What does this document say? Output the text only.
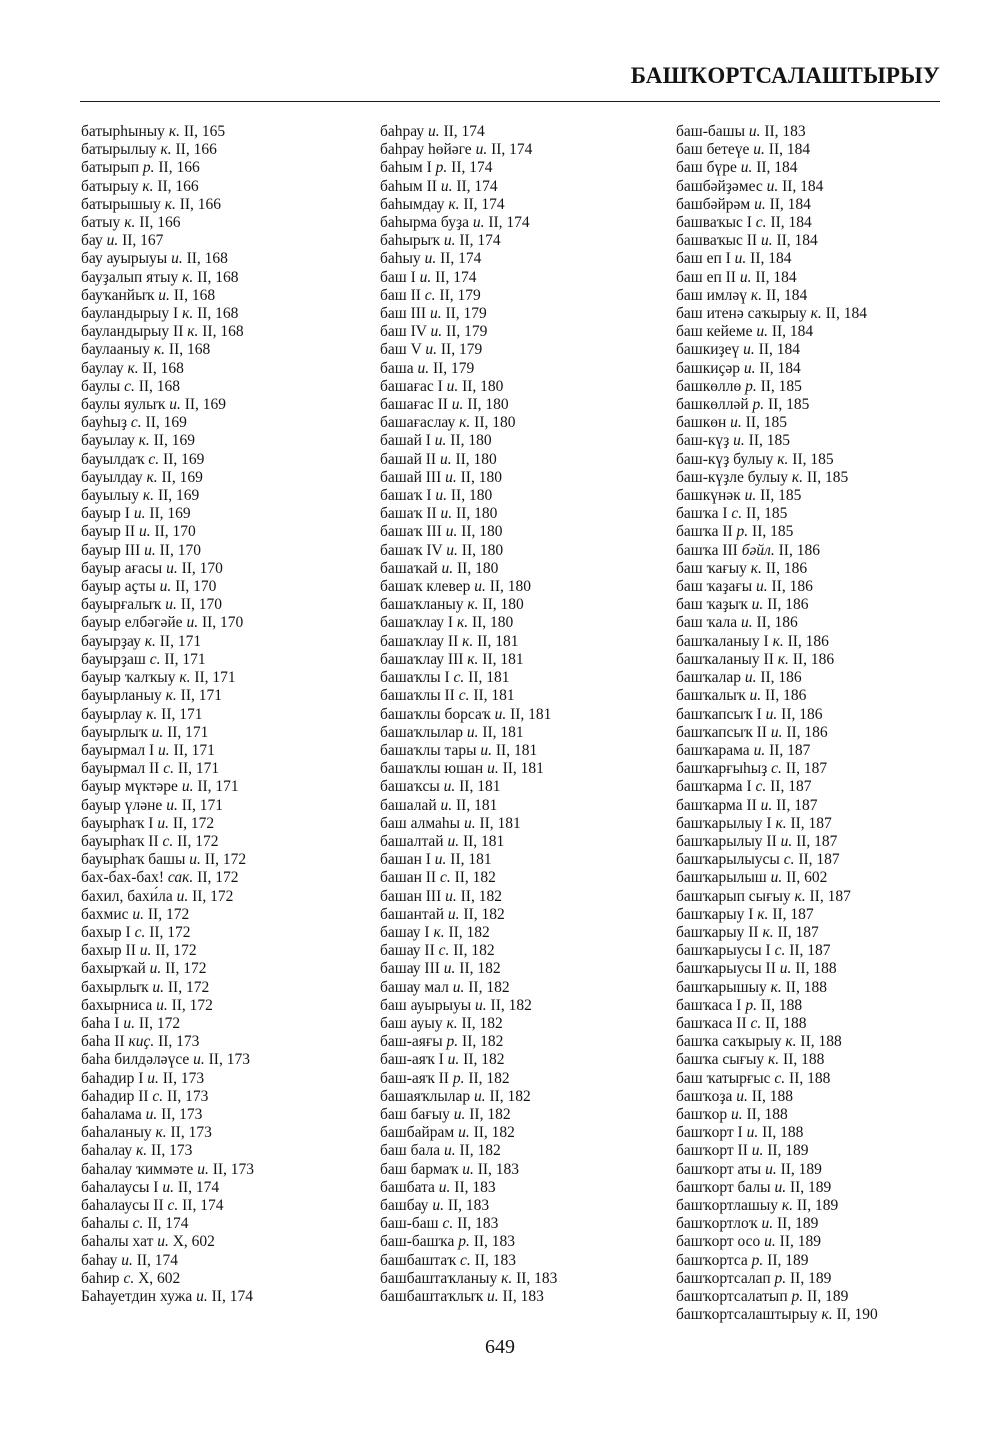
БАШҠОРТСАЛАШТЫРЫУ
батырһыныу к. II, 165
батырылыу к. II, 166
батырып р. II, 166
батырыу к. II, 166
батырышыу к. II, 166
батыу к. II, 166
бау и. II, 167
бау ауырыуы и. II, 168
бауҙалып ятыу к. II, 168
бауҡанйыҡ и. II, 168
бауландырыу I к. II, 168
бауландырыу II к. II, 168
баулааныу к. II, 168
баулау к. II, 168
баулы с. II, 168
баулы яулыҡ и. II, 169
бауһыҙ с. II, 169
бауылау к. II, 169
бауылдаҡ с. II, 169
бауылдау к. II, 169
бауылыу к. II, 169
бауыр I и. II, 169
бауыр II и. II, 170
бауыр III и. II, 170
бауыр ағасы и. II, 170
бауыр аҫты и. II, 170
бауырғалыҡ и. II, 170
бауыр елбәгәйе и. II, 170
бауырҙау к. II, 171
бауырҙаш с. II, 171
бауыр ҡалҡыу к. II, 171
бауырланыу к. II, 171
бауырлау к. II, 171
бауырлыҡ и. II, 171
бауырмал I и. II, 171
бауырмал II с. II, 171
бауыр мүктәре и. II, 171
бауыр үләне и. II, 171
бауырһаҡ I и. II, 172
бауырһаҡ II с. II, 172
бауырһаҡ башы и. II, 172
бах-бах-бах! сак. II, 172
бахил, бахи́ла и. II, 172
бахмис и. II, 172
бахыр I с. II, 172
бахыр II и. II, 172
бахырҡай и. II, 172
бахырлыҡ и. II, 172
бахырниса и. II, 172
баһа I и. II, 172
баһа II киҫ. II, 173
баһа билдәләүсе и. II, 173
баһадир I и. II, 173
баһадир II с. II, 173
баһалама и. II, 173
баһаланыу к. II, 173
баһалау к. II, 173
баһалау ҡиммәте и. II, 173
баһалаусы I и. II, 174
баһалаусы II с. II, 174
баһалы с. II, 174
баһалы хат и. X, 602
баһау и. II, 174
баһир с. X, 602
Баһауетдин хужа и. II, 174
баһрау и. II, 174
баһрау һөйәге и. II, 174
баһым I р. II, 174
баһым II и. II, 174
баһымдау к. II, 174
баһырма буҙа и. II, 174
баһырыҡ и. II, 174
баһыу и. II, 174
баш I и. II, 174
баш II с. II, 179
баш III и. II, 179
баш IV и. II, 179
баш V и. II, 179
баша и. II, 179
башағас I и. II, 180
башағас II и. II, 180
башағаслау к. II, 180
башай I и. II, 180
башай II и. II, 180
башай III и. II, 180
башаҡ I и. II, 180
башаҡ II и. II, 180
башаҡ III и. II, 180
башаҡ IV и. II, 180
башаҡай и. II, 180
башаҡ клевер и. II, 180
башаҡланыу к. II, 180
башаҡлау I к. II, 180
башаҡлау II к. II, 181
башаҡлау III к. II, 181
башаҡлы I с. II, 181
башаҡлы II с. II, 181
башаҡлы борсаҡ и. II, 181
башаҡлылар и. II, 181
башаҡлы тары и. II, 181
башаҡлы юшан и. II, 181
башаҡсы и. II, 181
башалай и. II, 181
баш алмаһы и. II, 181
башалтай и. II, 181
башан I и. II, 181
башан II с. II, 182
башан III и. II, 182
башантай и. II, 182
башау I к. II, 182
башау II с. II, 182
башау III и. II, 182
башау мал и. II, 182
баш ауырыуы и. II, 182
баш ауыу к. II, 182
баш-аяғы р. II, 182
баш-аяҡ I и. II, 182
баш-аяҡ II р. II, 182
башаяҡлылар и. II, 182
баш бағыу и. II, 182
башбайрам и. II, 182
баш бала и. II, 182
баш бармаҡ и. II, 183
башбата и. II, 183
башбау и. II, 183
баш-баш с. II, 183
баш-башҡа р. II, 183
башбаштаҡ с. II, 183
башбаштаҡланыу к. II, 183
башбаштаҡлыҡ и. II, 183
баш-башы и. II, 183
баш бетеүе и. II, 184
баш бүре и. II, 184
башбәйҙәмес и. II, 184
башбәйрәм и. II, 184
башваҡыс I с. II, 184
башваҡыс II и. II, 184
баш еп I и. II, 184
баш еп II и. II, 184
баш имләү к. II, 184
баш итенә саҡырыу к. II, 184
баш кейеме и. II, 184
башкиҙеү и. II, 184
башкиҫәр и. II, 184
башкөллө р. II, 185
башкөлләй р. II, 185
башкөн и. II, 185
баш-күҙ и. II, 185
баш-күҙ булыу к. II, 185
баш-күҙле булыу к. II, 185
башкүнәк и. II, 185
башҡа I с. II, 185
башҡа II р. II, 185
башҡа III бәйл. II, 186
баш ҡағыу к. II, 186
баш ҡаҙағы и. II, 186
баш ҡаҙыҡ и. II, 186
баш ҡала и. II, 186
башҡаланыу I к. II, 186
башҡаланыу II к. II, 186
башҡалар и. II, 186
башҡалыҡ и. II, 186
башҡапсыҡ I и. II, 186
башҡапсыҡ II и. II, 186
башҡарама и. II, 187
башҡарғыһыҙ с. II, 187
башҡарма I с. II, 187
башҡарма II и. II, 187
башҡарылыу I к. II, 187
башҡарылыу II и. II, 187
башҡарылыусы с. II, 187
башҡарылыш и. II, 602
башҡарып сығыу к. II, 187
башҡарыу I к. II, 187
башҡарыу II к. II, 187
башҡарыусы I с. II, 187
башҡарыусы II и. II, 188
башҡарышыу к. II, 188
башҡаса I р. II, 188
башҡаса II с. II, 188
башҡа саҡырыу к. II, 188
башҡа сығыу к. II, 188
баш ҡатырғыс с. II, 188
башҡоҙа и. II, 188
башҡор и. II, 188
башҡорт I и. II, 188
башҡорт II и. II, 189
башҡорт аты и. II, 189
башҡорт балы и. II, 189
башҡортлашыу к. II, 189
башҡортлоҡ и. II, 189
башҡорт осо и. II, 189
башҡортса р. II, 189
башҡортсалап р. II, 189
башҡортсалатып р. II, 189
башҡортсалаштырыу к. II, 190

649
